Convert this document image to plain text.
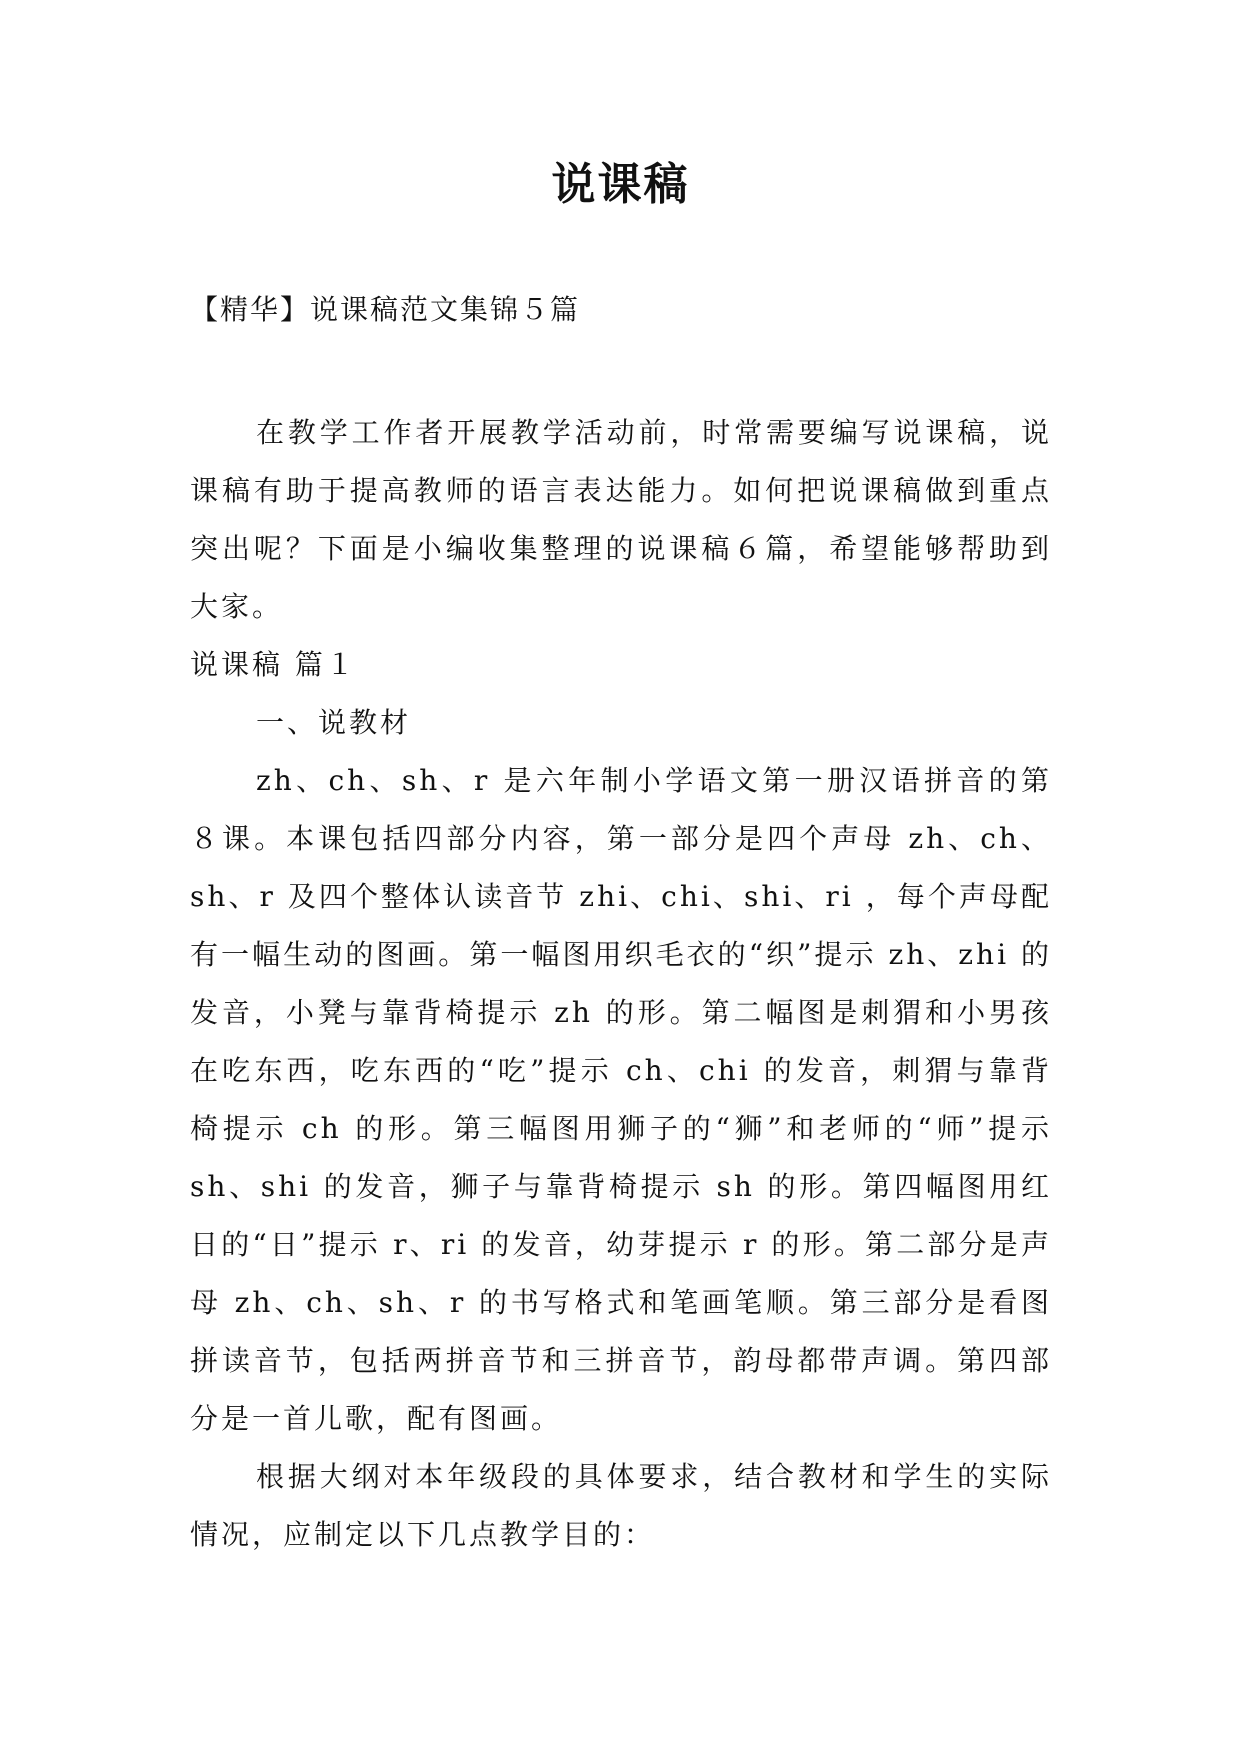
说课稿

【精华】说课稿范文集锦５篇

在教学工作者开展教学活动前，时常需要编写说课稿，说课稿有助于提高教师的语言表达能力。如何把说课稿做到重点突出呢？下面是小编收集整理的说课稿６篇，希望能够帮助到大家。

说课稿 篇１

一、说教材

zh、ch、sh、r 是六年制小学语文第一册汉语拼音的第８课。本课包括四部分内容，第一部分是四个声母 zh、ch、sh、r 及四个整体认读音节 zhi、chi、shi、ri ，每个声母配有一幅生动的图画。第一幅图用织毛衣的“织”提示 zh、zhi 的发音，小凳与靠背椅提示 zh 的形。第二幅图是刺猬和小男孩在吃东西，吃东西的“吃”提示 ch、chi 的发音，刺猬与靠背椅提示 ch 的形。第三幅图用狮子的“狮”和老师的“师”提示 sh、shi 的发音，狮子与靠背椅提示 sh 的形。第四幅图用红日的“日”提示 r、ri 的发音，幼芽提示 r 的形。第二部分是声母 zh、ch、sh、r 的书写格式和笔画笔顺。第三部分是看图拼读音节，包括两拼音节和三拼音节，韵母都带声调。第四部分是一首儿歌，配有图画。

根据大纲对本年级段的具体要求，结合教材和学生的实际情况，应制定以下几点教学目的：
